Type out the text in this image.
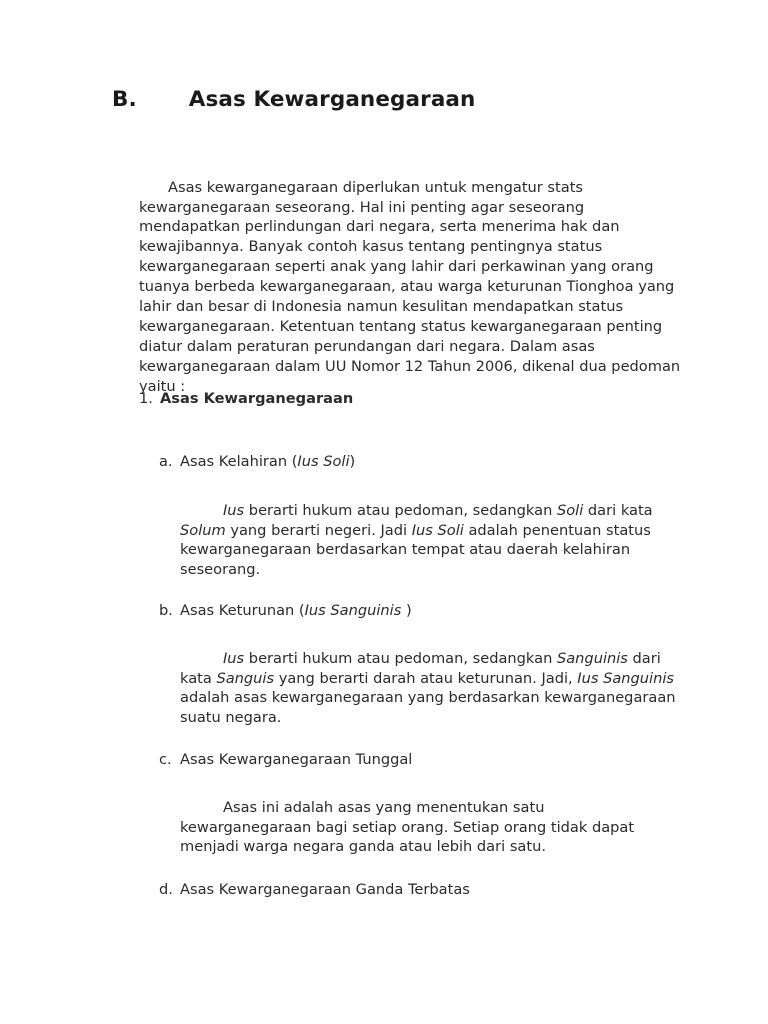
B. Asas Kewarganegaraan

Asas kewarganegaraan diperlukan untuk mengatur stats kewarganegaraan seseorang. Hal ini penting agar seseorang mendapatkan perlindungan dari negara, serta menerima hak dan kewajibannya. Banyak contoh kasus tentang pentingnya status kewarganegaraan seperti anak yang lahir dari perkawinan yang orang tuanya berbeda kewarganegaraan, atau warga keturunan Tionghoa yang lahir dan besar di Indonesia namun kesulitan mendapatkan status kewarganegaraan. Ketentuan tentang status kewarganegaraan penting diatur dalam peraturan perundangan dari negara. Dalam asas kewarganegaraan dalam UU Nomor 12 Tahun 2006, dikenal dua pedoman yaitu :

1. Asas Kewarganegaraan
a. Asas Kelahiran (Ius Soli)

Ius berarti hukum atau pedoman, sedangkan Soli dari kata Solum yang berarti negeri. Jadi Ius Soli adalah penentuan status kewarganegaraan berdasarkan tempat atau daerah kelahiran seseorang.

b. Asas Keturunan (Ius Sanguinis )

Ius berarti hukum atau pedoman, sedangkan Sanguinis dari kata Sanguis yang berarti darah atau keturunan. Jadi, Ius Sanguinis adalah asas kewarganegaraan yang berdasarkan kewarganegaraan suatu negara.

c. Asas Kewarganegaraan Tunggal

Asas ini adalah asas yang menentukan satu kewarganegaraan bagi setiap orang. Setiap orang tidak dapat menjadi warga negara ganda atau lebih dari satu.

d. Asas Kewarganegaraan Ganda Terbatas
